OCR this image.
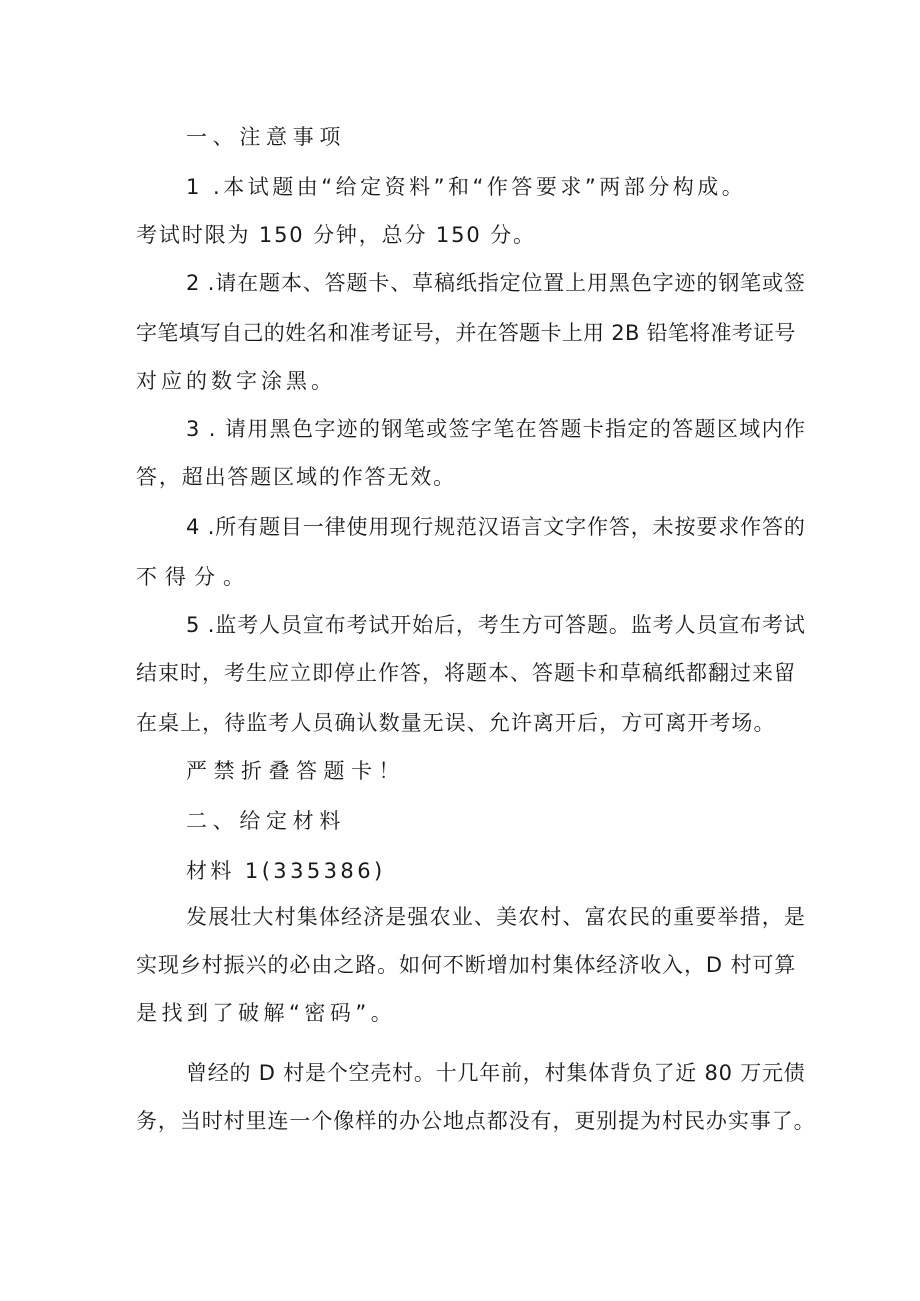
一、注意事项
1 .本试题由“给定资料”和“作答要求”两部分构成。
考试时限为 150 分钟，总分 150 分。
2 .请在题本、答题卡、草稿纸指定位置上用黑色字迹的钢笔或签
字笔填写自己的姓名和准考证号，并在答题卡上用 2B 铅笔将准考证号
对应的数字涂黑。
3 . 请用黑色字迹的钢笔或签字笔在答题卡指定的答题区域内作
答，超出答题区域的作答无效。
4 .所有题目一律使用现行规范汉语言文字作答，未按要求作答的
不得分。
5 .监考人员宣布考试开始后，考生方可答题。监考人员宣布考试
结束时，考生应立即停止作答，将题本、答题卡和草稿纸都翻过来留
在桌上，待监考人员确认数量无误、允许离开后，方可离开考场。
严禁折叠答题卡！
二、给定材料
材料 1(335386)
发展壮大村集体经济是强农业、美农村、富农民的重要举措，是
实现乡村振兴的必由之路。如何不断增加村集体经济收入，D 村可算
是找到了破解“密码”。
曾经的 D 村是个空壳村。十几年前，村集体背负了近 80 万元债
务，当时村里连一个像样的办公地点都没有，更别提为村民办实事了。
